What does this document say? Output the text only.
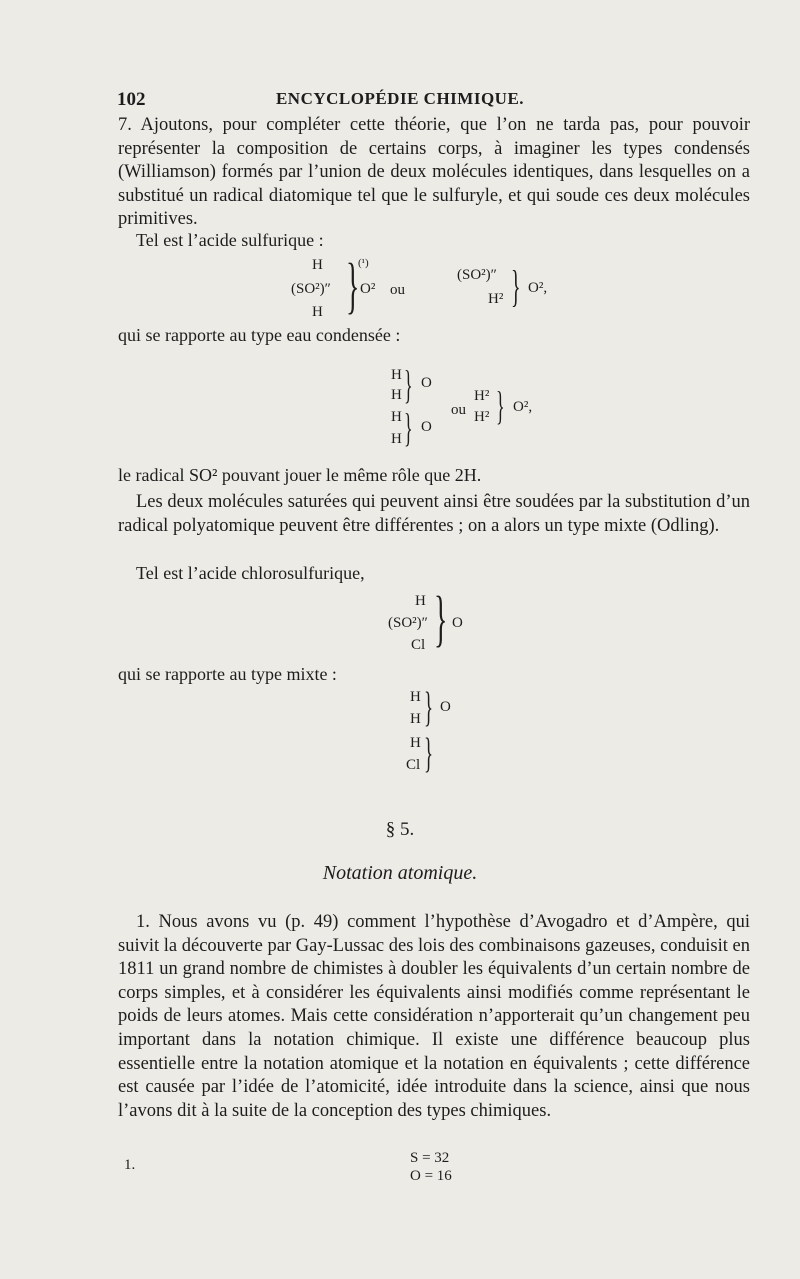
102	ENCYCLOPÉDIE CHIMIQUE.
7. Ajoutons, pour compléter cette théorie, que l’on ne tarda pas, pour pouvoir représenter la composition de certains corps, à imaginer les types condensés (Williamson) formés par l’union de deux molécules identiques, dans lesquelles on a substitué un radical diatomique tel que le sulfuryle, et qui soude ces deux molécules primitives.
Tel est l’acide sulfurique :
H
(SO²)″
H }
(¹)
O² ou
(SO²)″
H² } O²,
qui se rapporte au type eau condensée :
H
H
H
H
}
}
O
O
ou
H²
H² } O²,
le radical SO² pouvant jouer le même rôle que 2H.
Les deux molécules saturées qui peuvent ainsi être soudées par la substitution d’un radical polyatomique peuvent être différentes ; on a alors un type mixte (Odling).
Tel est l’acide chlorosulfurique,
H
(SO²)″
Cl } O
qui se rapporte au type mixte :
H
H
H
Cl
}
}
O
§ 5.
Notation atomique.
1. Nous avons vu (p. 49) comment l’hypothèse d’Avogadro et d’Ampère, qui suivit la découverte par Gay-Lussac des lois des combinaisons gazeuses, conduisit en 1811 un grand nombre de chimistes à doubler les équivalents d’un certain nombre de corps simples, et à considérer les équivalents ainsi modifiés comme représentant le poids de leurs atomes. Mais cette considération n’apporterait qu’un changement peu important dans la notation chimique. Il existe une différence beaucoup plus essentielle entre la notation atomique et la notation en équivalents ; cette différence est causée par l’idée de l’atomicité, idée introduite dans la science, ainsi que nous l’avons dit à la suite de la conception des types chimiques.
1.	S = 32
O = 16
